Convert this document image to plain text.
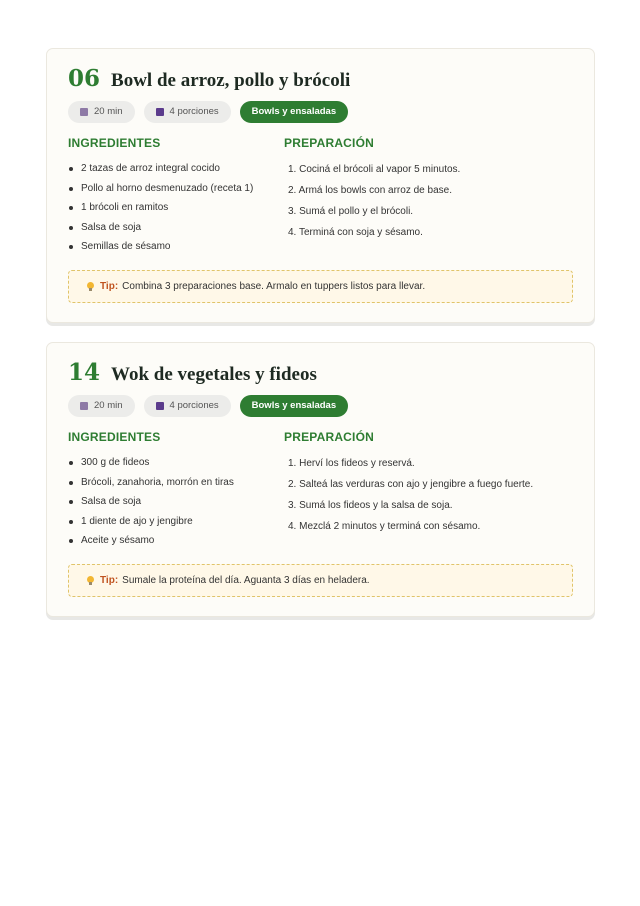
06 Bowl de arroz, pollo y brócoli
20 min	4 porciones	Bowls y ensaladas
INGREDIENTES
2 tazas de arroz integral cocido
Pollo al horno desmenuzado (receta 1)
1 brócoli en ramitos
Salsa de soja
Semillas de sésamo
PREPARACIÓN
1. Cociná el brócoli al vapor 5 minutos.
2. Armá los bowls con arroz de base.
3. Sumá el pollo y el brócoli.
4. Terminá con soja y sésamo.
Tip: Combina 3 preparaciones base. Armalo en tuppers listos para llevar.
14 Wok de vegetales y fideos
20 min	4 porciones	Bowls y ensaladas
INGREDIENTES
300 g de fideos
Brócoli, zanahoria, morrón en tiras
Salsa de soja
1 diente de ajo y jengibre
Aceite y sésamo
PREPARACIÓN
1. Herví los fideos y reservá.
2. Salteá las verduras con ajo y jengibre a fuego fuerte.
3. Sumá los fideos y la salsa de soja.
4. Mezclá 2 minutos y terminá con sésamo.
Tip: Sumale la proteína del día. Aguanta 3 días en heladera.
